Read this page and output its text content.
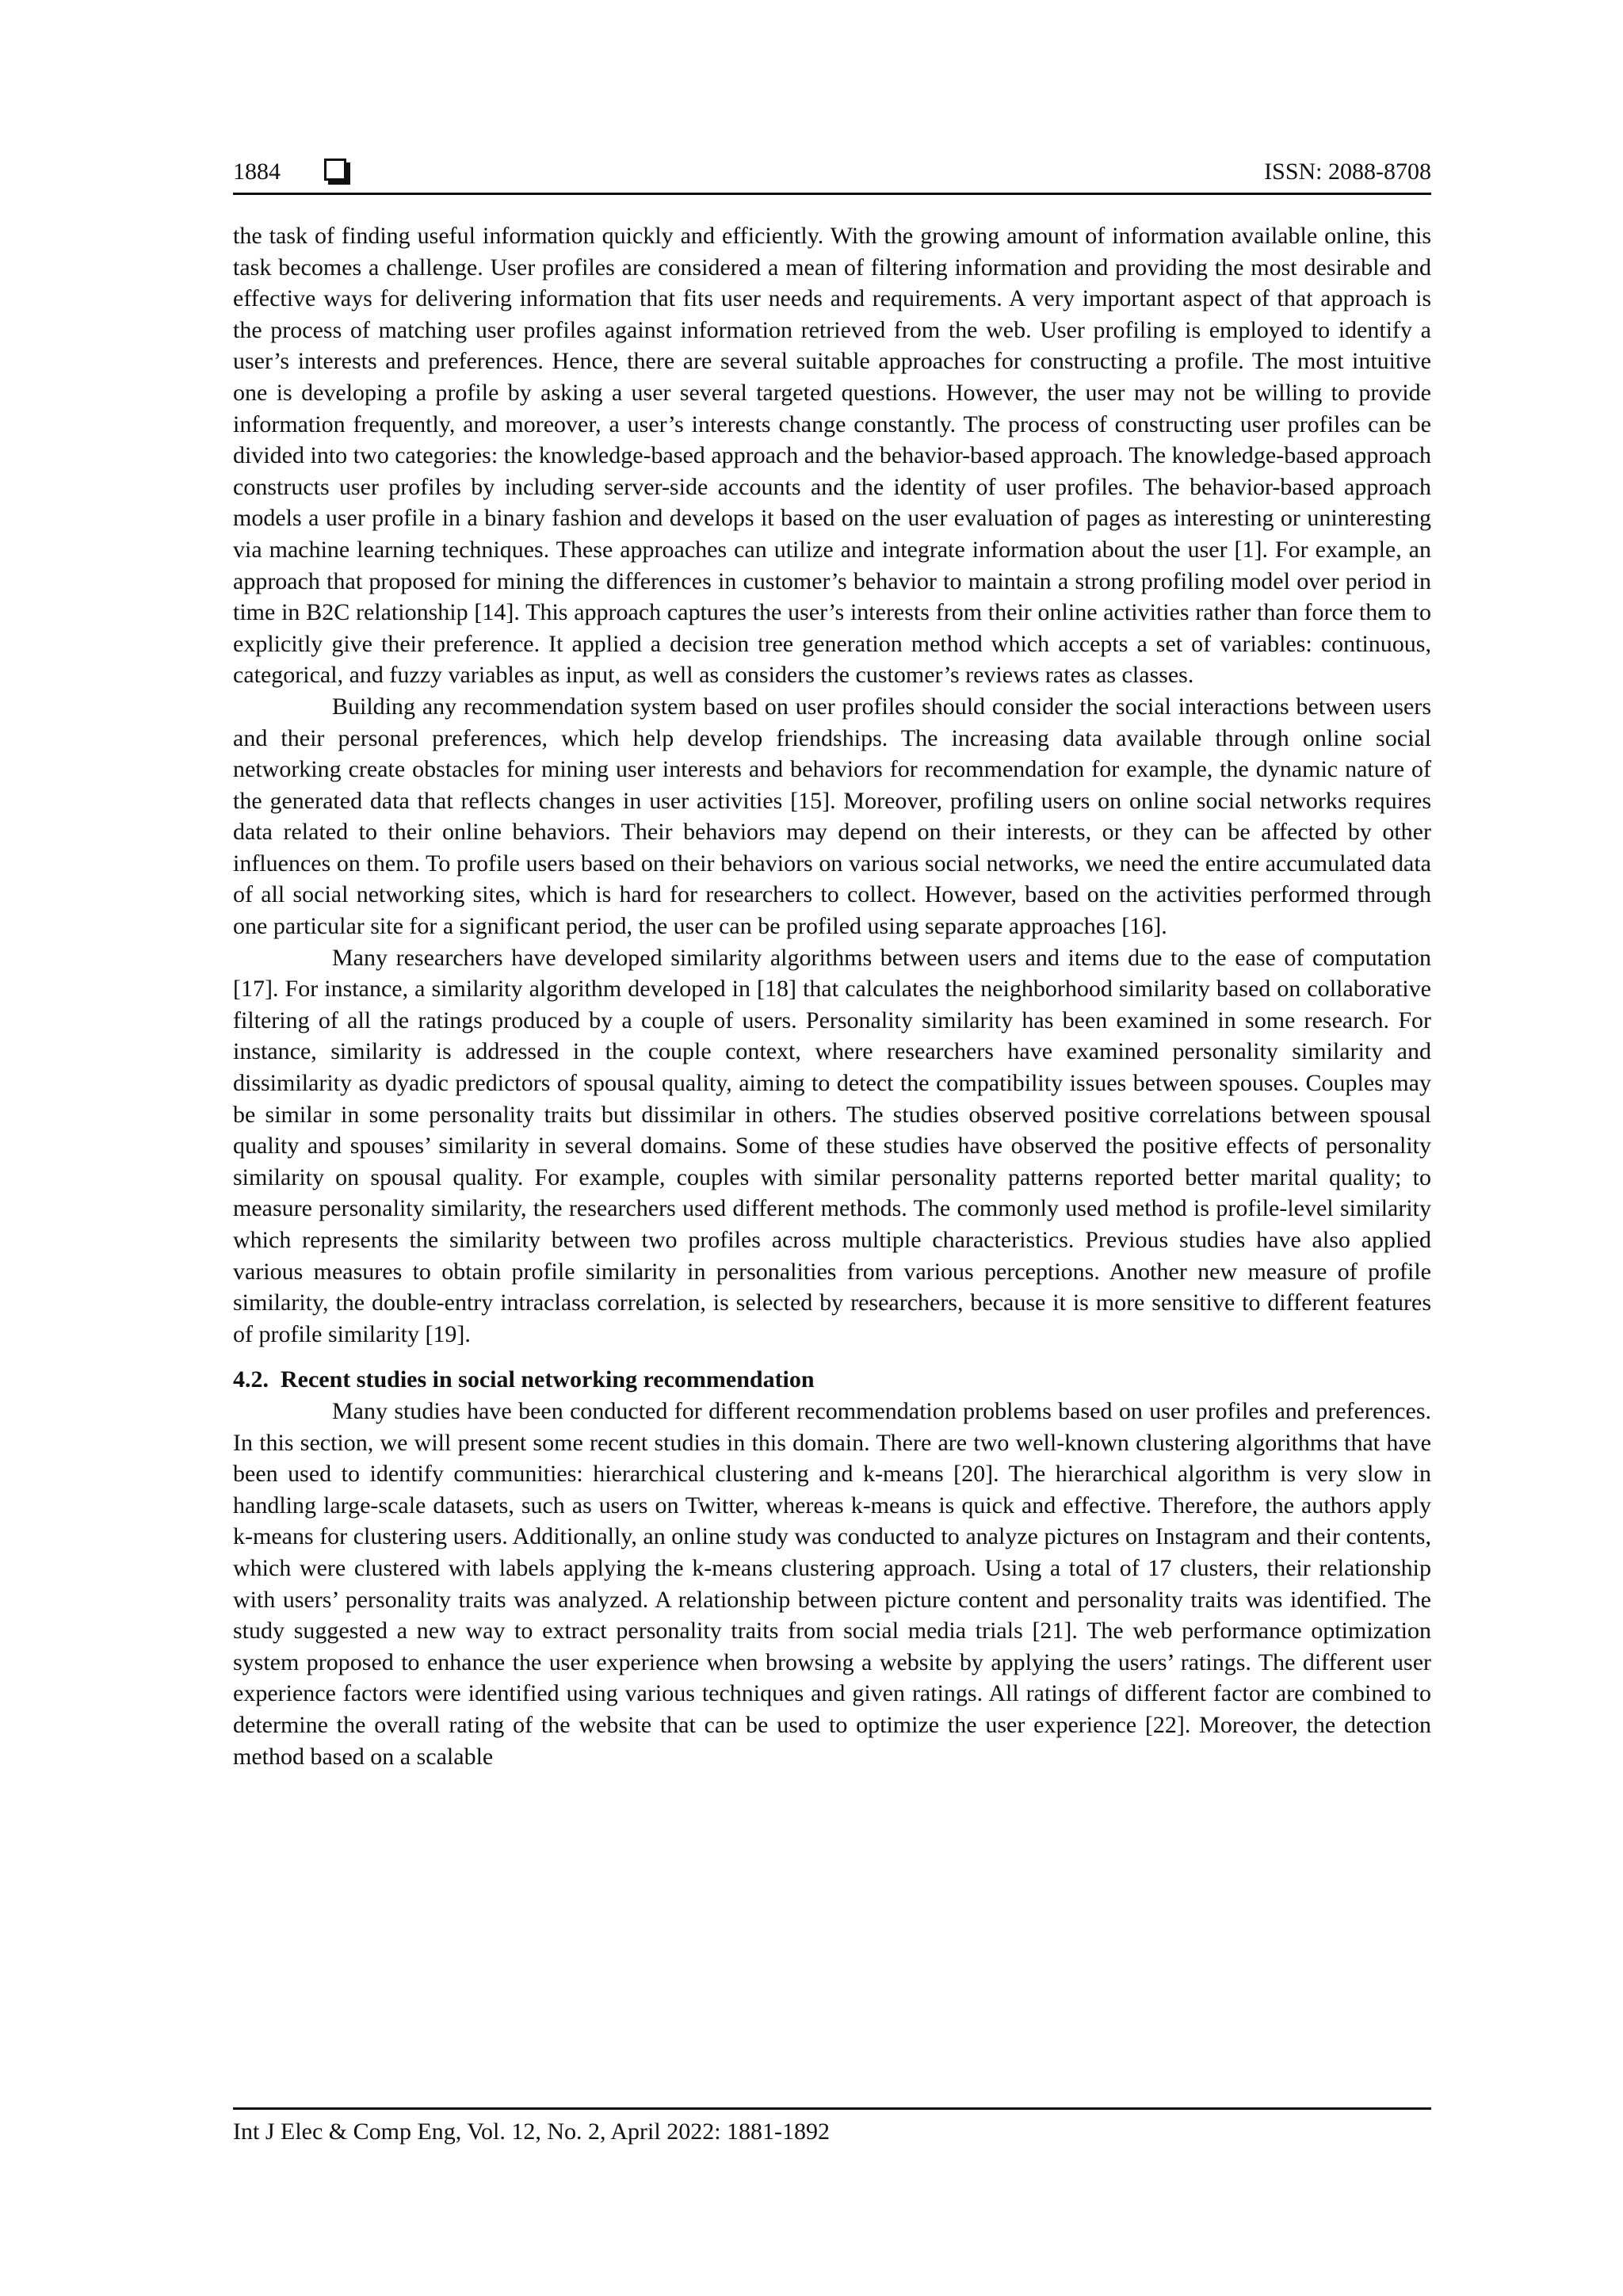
1884	ISSN: 2088-8708

the task of finding useful information quickly and efficiently. With the growing amount of information available online, this task becomes a challenge. User profiles are considered a mean of filtering information and providing the most desirable and effective ways for delivering information that fits user needs and requirements. A very important aspect of that approach is the process of matching user profiles against information retrieved from the web. User profiling is employed to identify a user’s interests and preferences. Hence, there are several suitable approaches for constructing a profile. The most intuitive one is developing a profile by asking a user several targeted questions. However, the user may not be willing to provide information frequently, and moreover, a user’s interests change constantly. The process of constructing user profiles can be divided into two categories: the knowledge-based approach and the behavior-based approach. The knowledge-based approach constructs user profiles by including server-side accounts and the identity of user profiles. The behavior-based approach models a user profile in a binary fashion and develops it based on the user evaluation of pages as interesting or uninteresting via machine learning techniques. These approaches can utilize and integrate information about the user [1]. For example, an approach that proposed for mining the differences in customer’s behavior to maintain a strong profiling model over period in time in B2C relationship [14]. This approach captures the user’s interests from their online activities rather than force them to explicitly give their preference. It applied a decision tree generation method which accepts a set of variables: continuous, categorical, and fuzzy variables as input, as well as considers the customer’s reviews rates as classes.

Building any recommendation system based on user profiles should consider the social interactions between users and their personal preferences, which help develop friendships. The increasing data available through online social networking create obstacles for mining user interests and behaviors for recommendation for example, the dynamic nature of the generated data that reflects changes in user activities [15]. Moreover, profiling users on online social networks requires data related to their online behaviors. Their behaviors may depend on their interests, or they can be affected by other influences on them. To profile users based on their behaviors on various social networks, we need the entire accumulated data of all social networking sites, which is hard for researchers to collect. However, based on the activities performed through one particular site for a significant period, the user can be profiled using separate approaches [16].

Many researchers have developed similarity algorithms between users and items due to the ease of computation [17]. For instance, a similarity algorithm developed in [18] that calculates the neighborhood similarity based on collaborative filtering of all the ratings produced by a couple of users. Personality similarity has been examined in some research. For instance, similarity is addressed in the couple context, where researchers have examined personality similarity and dissimilarity as dyadic predictors of spousal quality, aiming to detect the compatibility issues between spouses. Couples may be similar in some personality traits but dissimilar in others. The studies observed positive correlations between spousal quality and spouses’ similarity in several domains. Some of these studies have observed the positive effects of personality similarity on spousal quality. For example, couples with similar personality patterns reported better marital quality; to measure personality similarity, the researchers used different methods. The commonly used method is profile-level similarity which represents the similarity between two profiles across multiple characteristics. Previous studies have also applied various measures to obtain profile similarity in personalities from various perceptions. Another new measure of profile similarity, the double-entry intraclass correlation, is selected by researchers, because it is more sensitive to different features of profile similarity [19].

4.2.  Recent studies in social networking recommendation

Many studies have been conducted for different recommendation problems based on user profiles and preferences. In this section, we will present some recent studies in this domain. There are two well-known clustering algorithms that have been used to identify communities: hierarchical clustering and k-means [20]. The hierarchical algorithm is very slow in handling large-scale datasets, such as users on Twitter, whereas k-means is quick and effective. Therefore, the authors apply k-means for clustering users. Additionally, an online study was conducted to analyze pictures on Instagram and their contents, which were clustered with labels applying the k-means clustering approach. Using a total of 17 clusters, their relationship with users’ personality traits was analyzed. A relationship between picture content and personality traits was identified. The study suggested a new way to extract personality traits from social media trials [21]. The web performance optimization system proposed to enhance the user experience when browsing a website by applying the users’ ratings. The different user experience factors were identified using various techniques and given ratings. All ratings of different factor are combined to determine the overall rating of the website that can be used to optimize the user experience [22]. Moreover, the detection method based on a scalable

Int J Elec & Comp Eng, Vol. 12, No. 2, April 2022: 1881-1892
